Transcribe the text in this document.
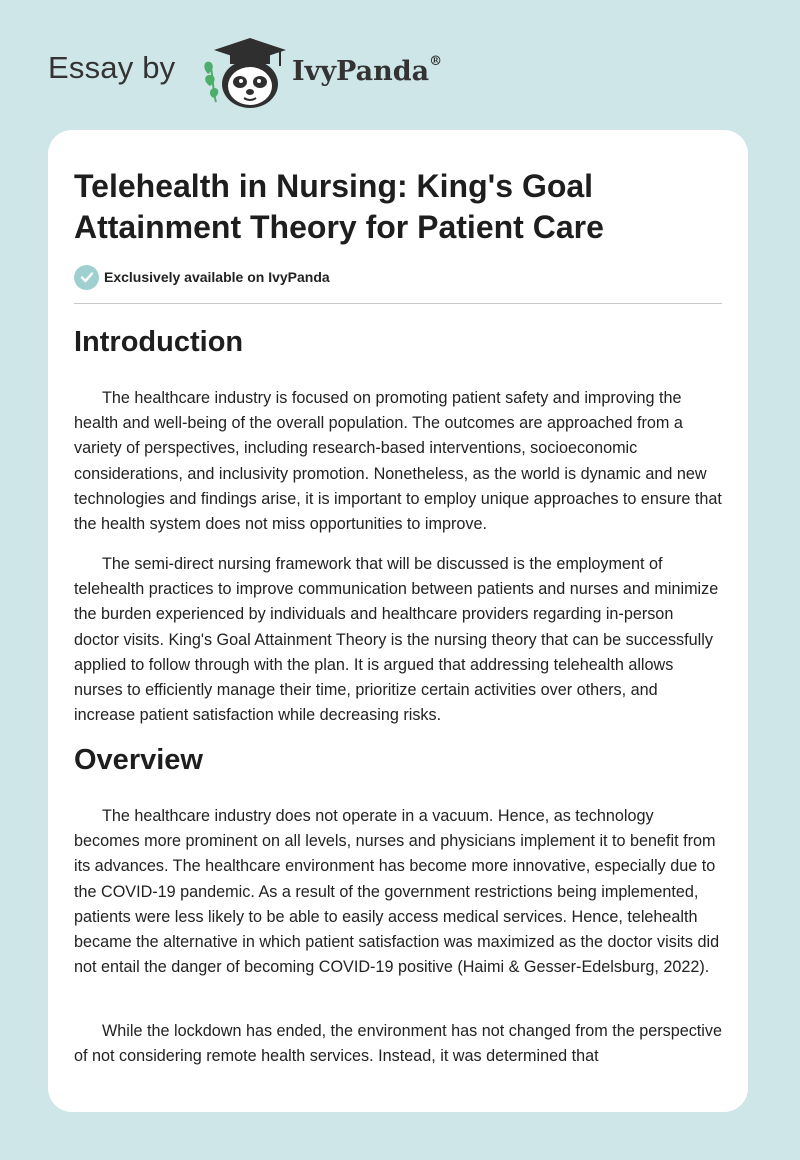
Essay by	IvyPanda®
Telehealth in Nursing: King's Goal Attainment Theory for Patient Care
Exclusively available on IvyPanda
Introduction

The healthcare industry is focused on promoting patient safety and improving the health and well-being of the overall population. The outcomes are approached from a variety of perspectives, including research-based interventions, socioeconomic considerations, and inclusivity promotion. Nonetheless, as the world is dynamic and new technologies and findings arise, it is important to employ unique approaches to ensure that the health system does not miss opportunities to improve.

The semi-direct nursing framework that will be discussed is the employment of telehealth practices to improve communication between patients and nurses and minimize the burden experienced by individuals and healthcare providers regarding in-person doctor visits. King's Goal Attainment Theory is the nursing theory that can be successfully applied to follow through with the plan. It is argued that addressing telehealth allows nurses to efficiently manage their time, prioritize certain activities over others, and increase patient satisfaction while decreasing risks.

Overview

The healthcare industry does not operate in a vacuum. Hence, as technology becomes more prominent on all levels, nurses and physicians implement it to benefit from its advances. The healthcare environment has become more innovative, especially due to the COVID-19 pandemic. As a result of the government restrictions being implemented, patients were less likely to be able to easily access medical services. Hence, telehealth became the alternative in which patient satisfaction was maximized as the doctor visits did not entail the danger of becoming COVID-19 positive (Haimi & Gesser-Edelsburg, 2022).

While the lockdown has ended, the environment has not changed from the perspective of not considering remote health services. Instead, it was determined that
